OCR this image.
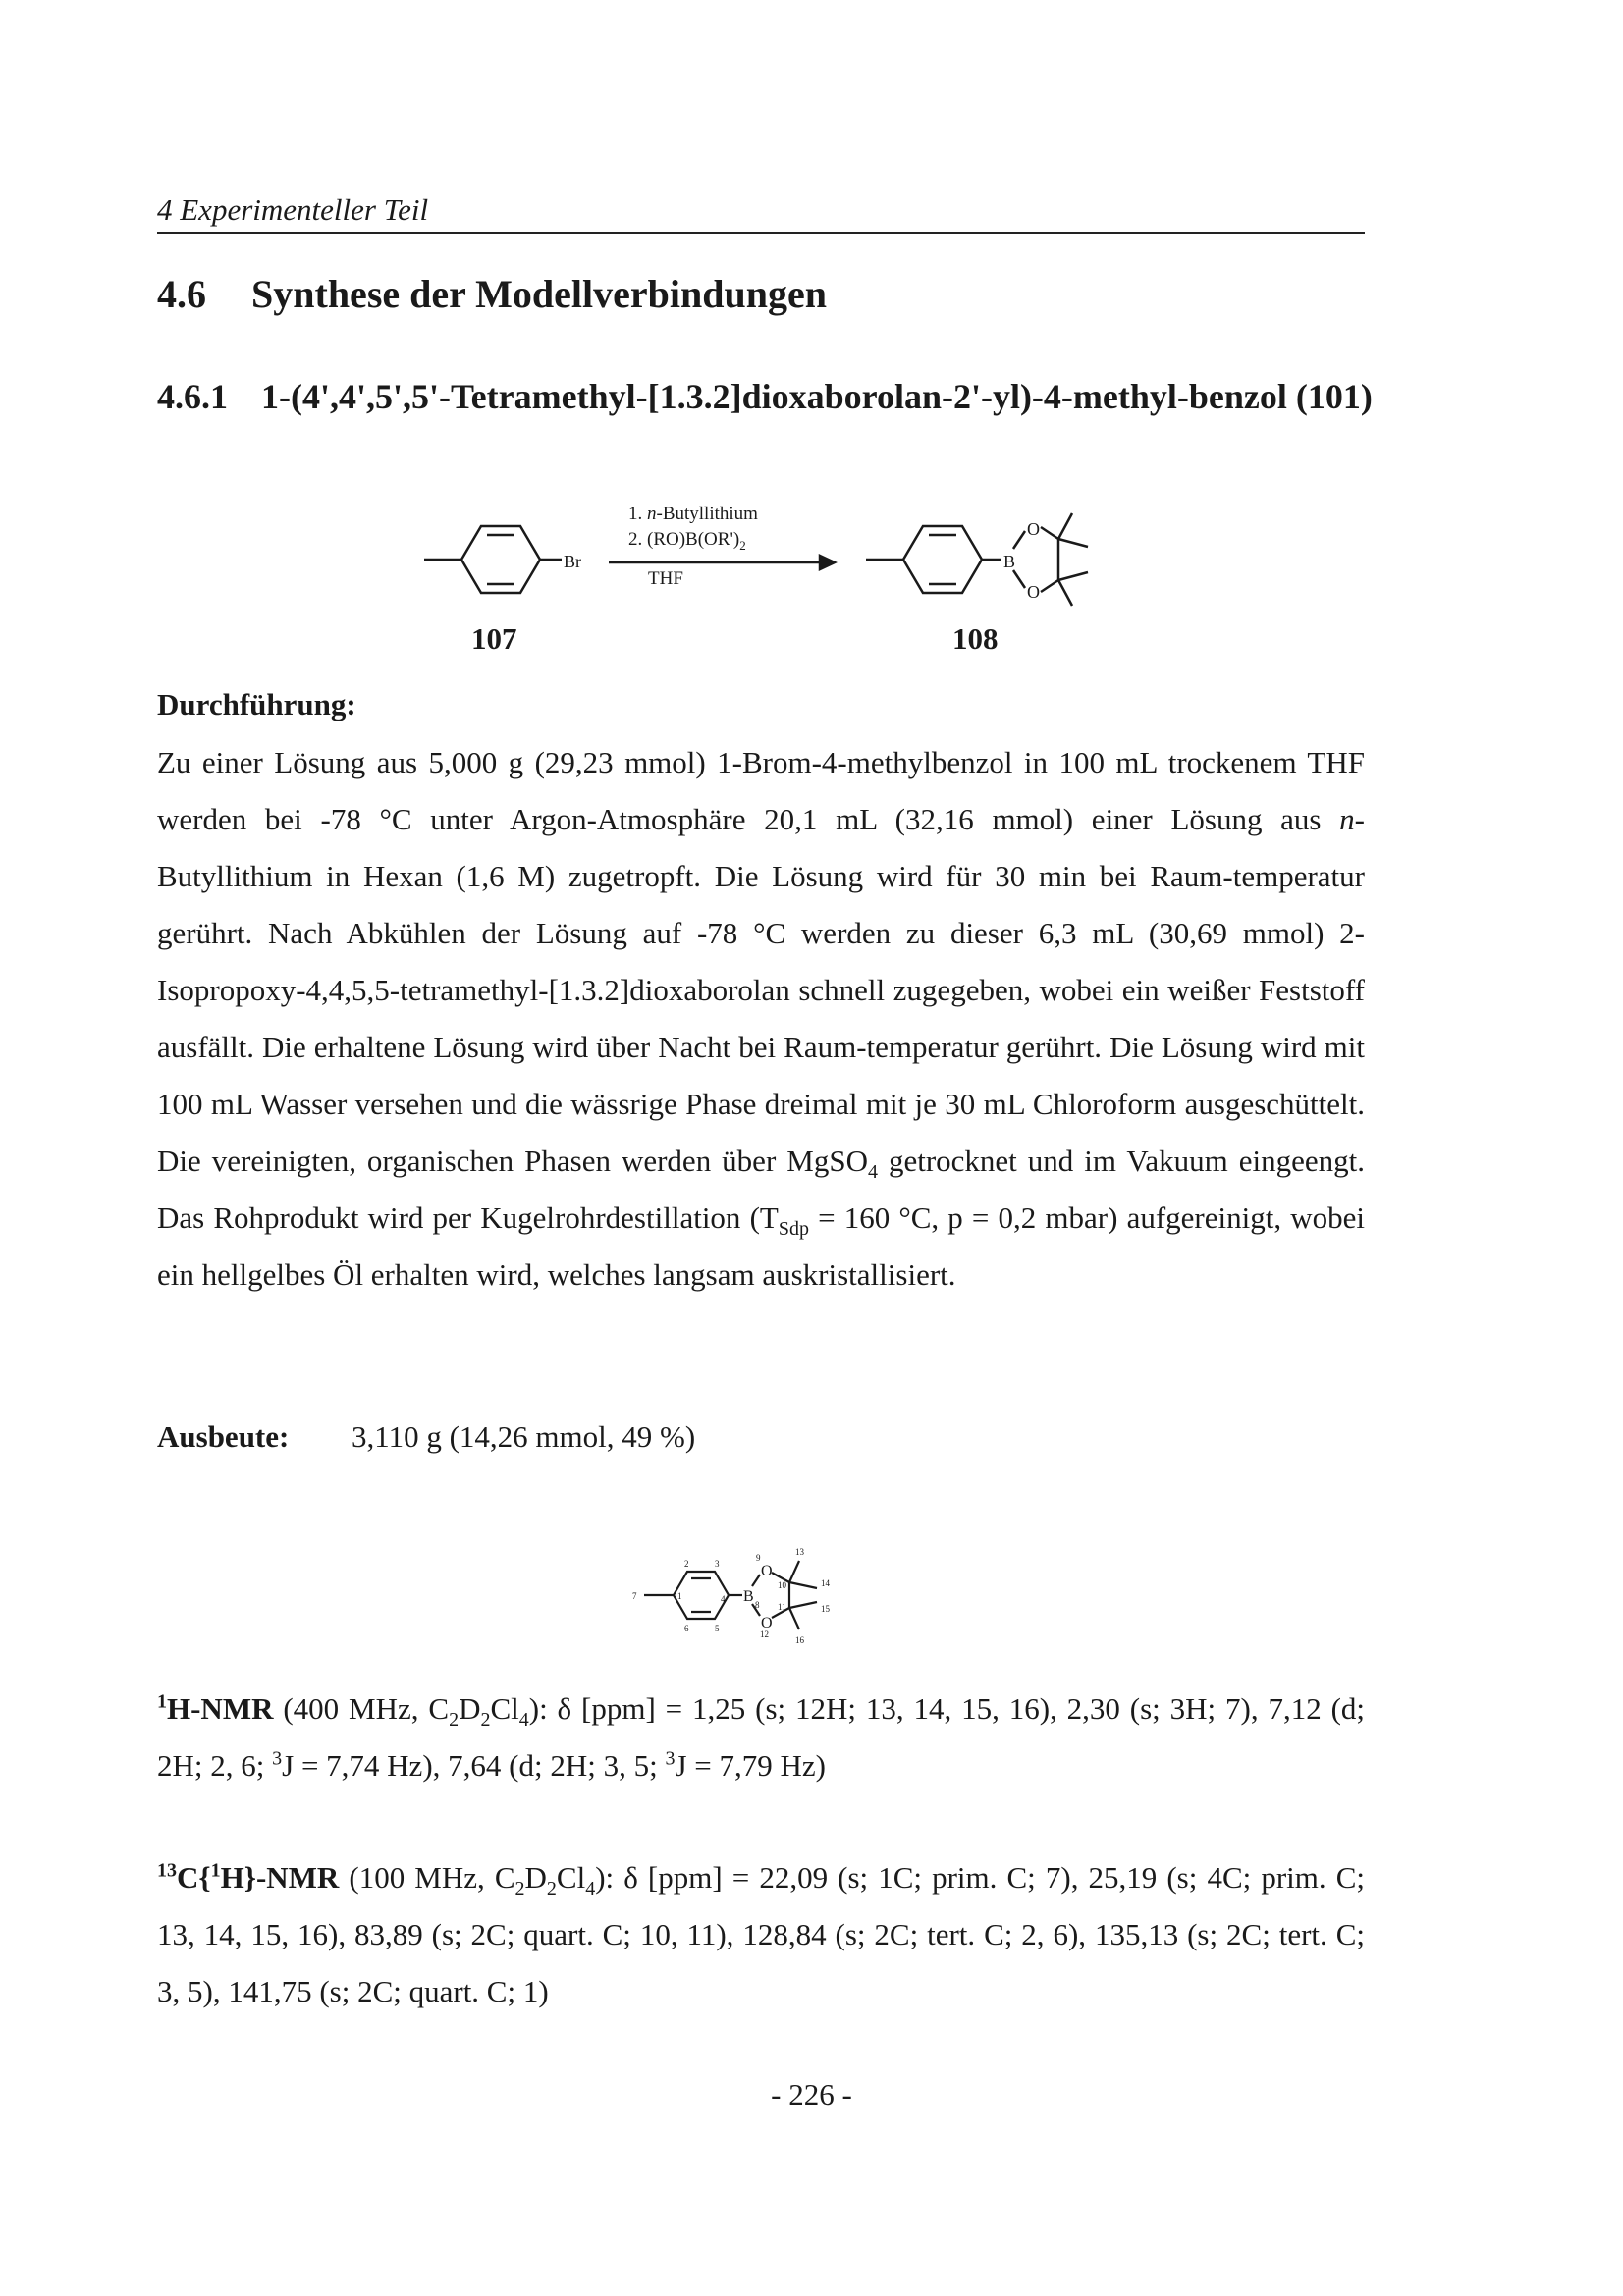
4 Experimenteller Teil
4.6 Synthese der Modellverbindungen
4.6.1 1-(4',4',5',5'-Tetramethyl-[1.3.2]dioxaborolan-2'-yl)-4-methyl-benzol (101)
Br	B
O
O
1. n-Butyllithium
2. $(RO)B(OR')_2$
THF
107	108
Durchführung:

Zu einer Lösung aus 5,000 g (29,23 mmol) 1-Brom-4-methylbenzol in 100 mL trockenem THF werden bei -78 °C unter Argon-Atmosphäre 20,1 mL (32,16 mmol) einer Lösung aus n-Butyllithium in Hexan (1,6 M) zugetropft. Die Lösung wird für 30 min bei Raum-temperatur gerührt. Nach Abkühlen der Lösung auf -78 °C werden zu dieser 6,3 mL (30,69 mmol) 2-Isopropoxy-4,4,5,5-tetramethyl-[1.3.2]dioxaborolan schnell zugegeben, wobei ein weißer Feststoff ausfällt. Die erhaltene Lösung wird über Nacht bei Raum-temperatur gerührt. Die Lösung wird mit 100 mL Wasser versehen und die wässrige Phase dreimal mit je 30 mL Chloroform ausgeschüttelt. Die vereinigten, organischen Phasen werden über MgSO$_4$ getrocknet und im Vakuum eingeengt. Das Rohprodukt wird per Kugelrohrdestillation ($T_{Sdp} = 160$ °C, p = 0,2 mbar) aufgereinigt, wobei ein hellgelbes Öl erhalten wird, welches langsam auskristallisiert.

Ausbeute: 3,110 g (14,26 mmol, 49 %)
B
O
O
1
2	3
4
5
6
7
8
9
10
11
12
13
14
15
16

$^1$H-NMR (400 MHz, $C_2D_2Cl_4$): δ [ppm] = 1,25 (s; 12H; 13, 14, 15, 16), 2,30 (s; 3H; 7), 7,12 (d; 2H; 2, 6; $^3$J = 7,74 Hz), 7,64 (d; 2H; 3, 5; $^3$J = 7,79 Hz)

$^{13}$C{$^1$H}-NMR (100 MHz, $C_2D_2Cl_4$): δ [ppm] = 22,09 (s; 1C; prim. C; 7), 25,19 (s; 4C; prim. C; 13, 14, 15, 16), 83,89 (s; 2C; quart. C; 10, 11), 128,84 (s; 2C; tert. C; 2, 6), 135,13 (s; 2C; tert. C; 3, 5), 141,75 (s; 2C; quart. C; 1)

- 226 -
